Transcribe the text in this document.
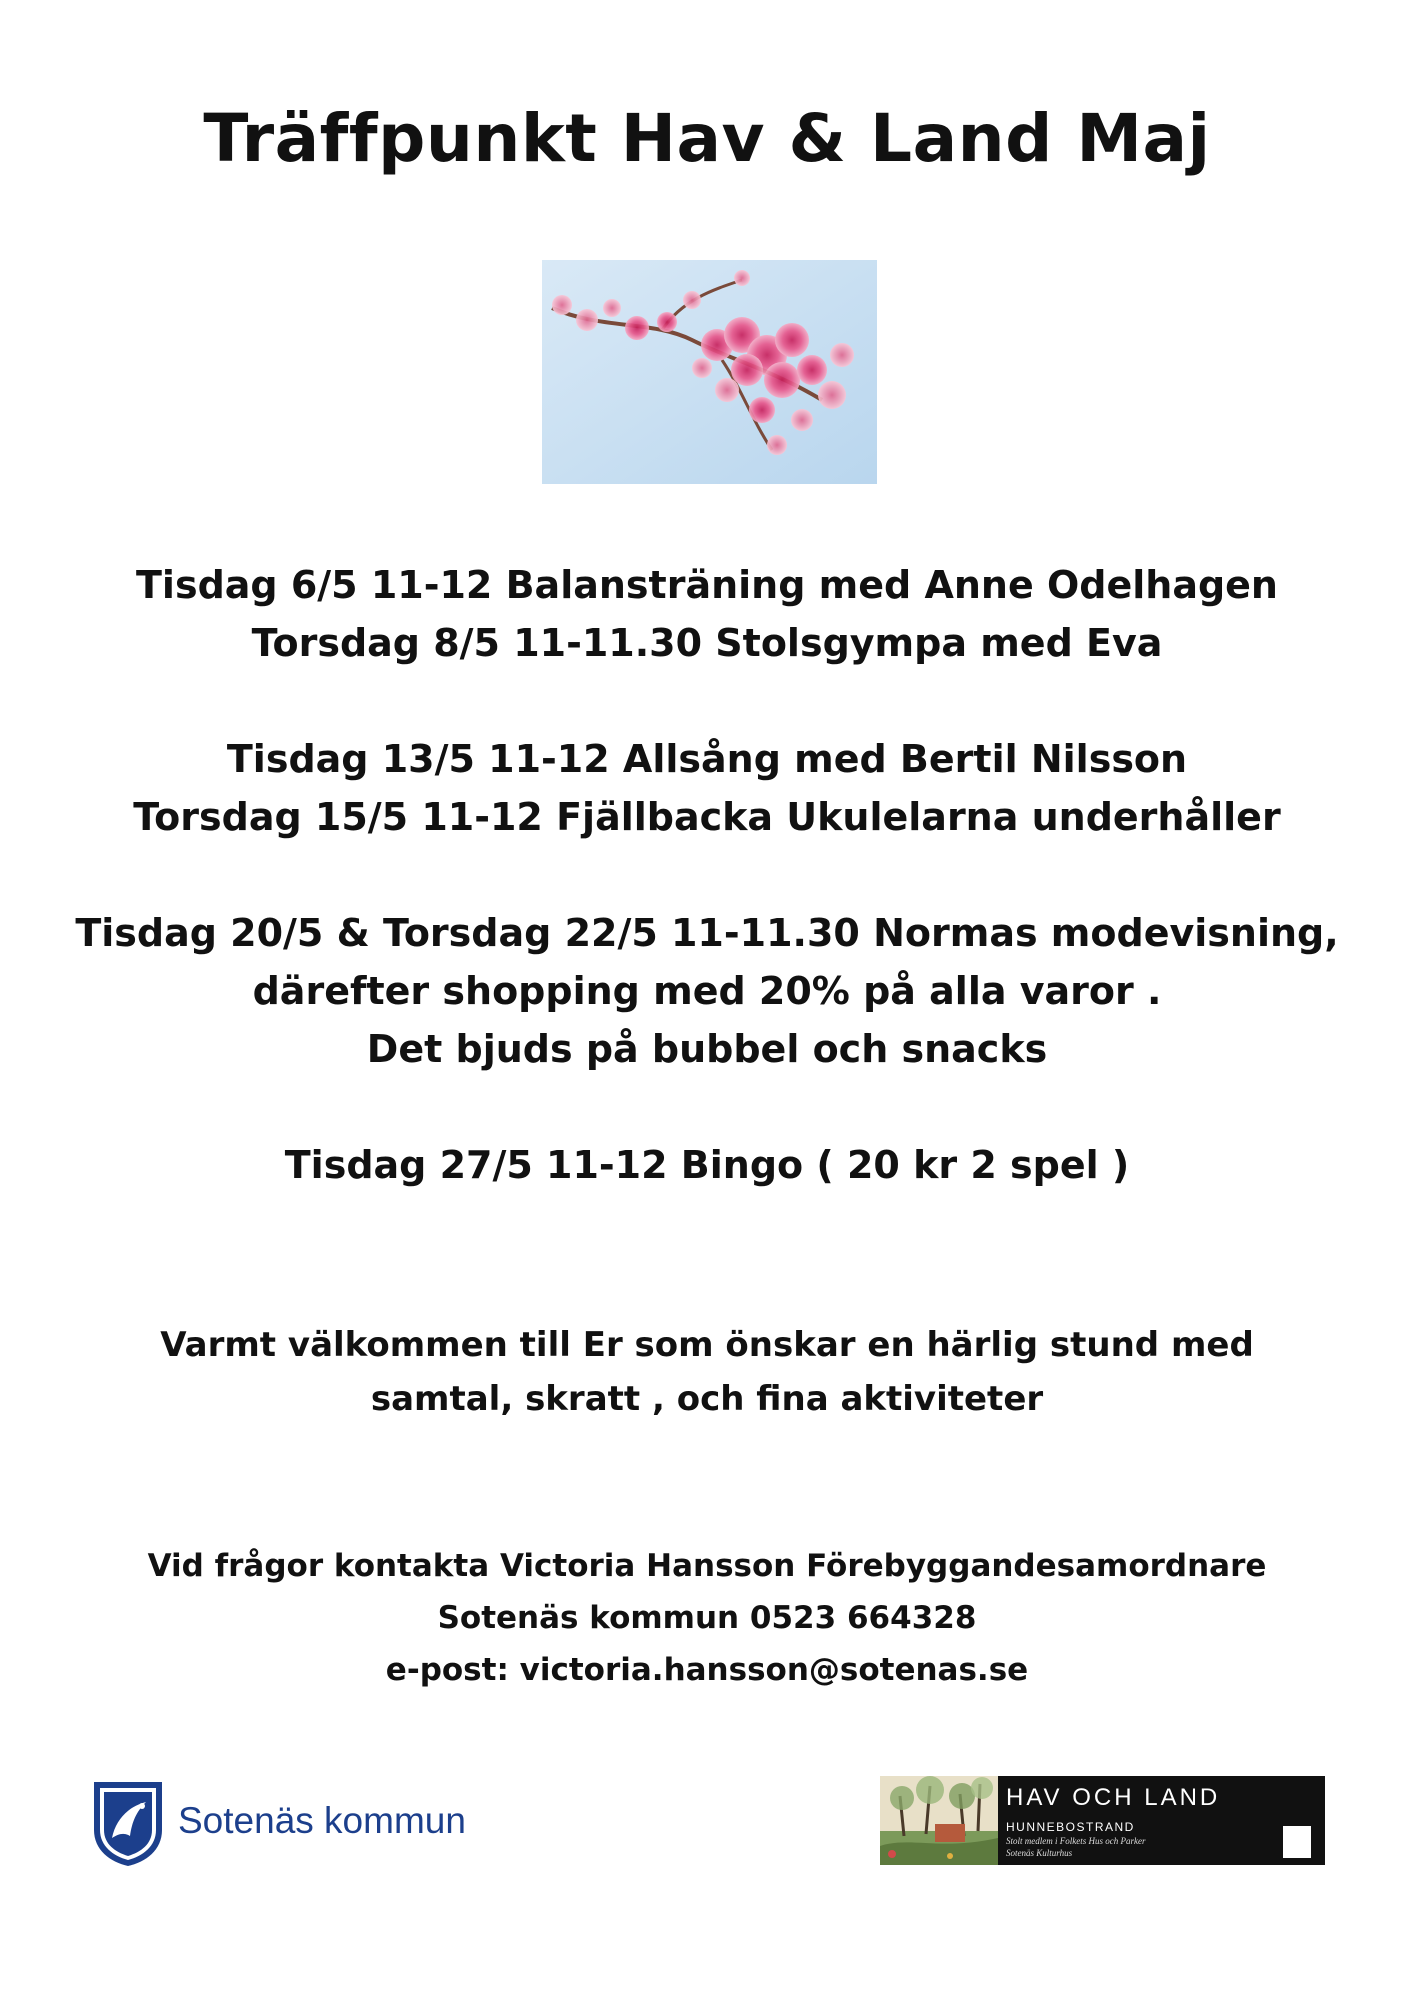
Träffpunkt Hav & Land Maj
Tisdag 6/5 11-12 Balansträning med Anne Odelhagen
Torsdag 8/5 11-11.30 Stolsgympa med Eva
Tisdag 13/5 11-12 Allsång med Bertil Nilsson
Torsdag 15/5 11-12 Fjällbacka Ukulelarna underhåller
Tisdag 20/5 & Torsdag 22/5 11-11.30 Normas modevisning,
därefter shopping med 20% på alla varor .
Det bjuds på bubbel och snacks
Tisdag 27/5 11-12 Bingo ( 20 kr 2 spel )
Varmt välkommen till Er som önskar en härlig stund med
samtal, skratt , och fina aktiviteter
Vid frågor kontakta Victoria Hansson Förebyggandesamordnare
Sotenäs kommun 0523 664328
e-post: victoria.hansson@sotenas.se
Sotenäs kommun
HAV OCH LAND
HUNNEBOSTRAND
Stolt medlem i Folkets Hus och Parker
Sotenäs Kulturhus
